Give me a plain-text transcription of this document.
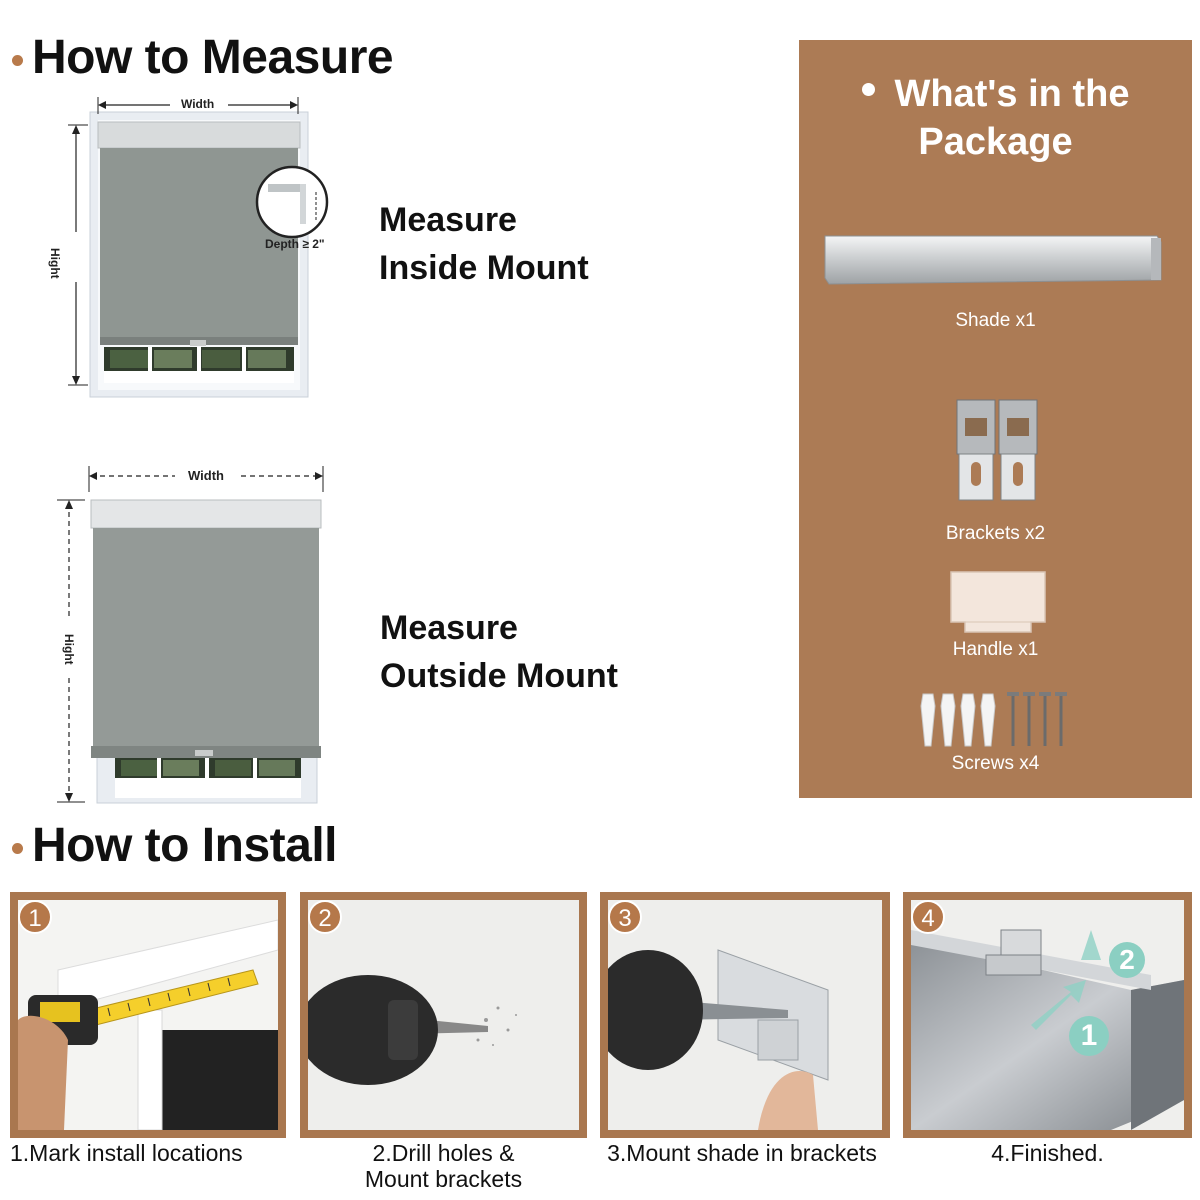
How to Measure
Width
Hight
Depth ≥ 2"
Measure
Inside Mount
Width
Hight
Measure
Outside Mount
What's in the
Package
Shade x1
Brackets x2
Handle x1
Screws x4
How to Install
1
1.Mark install locations
2
2.Drill holes &
Mount brackets
3
3.Mount shade in brackets
1
2
4
4.Finished.
